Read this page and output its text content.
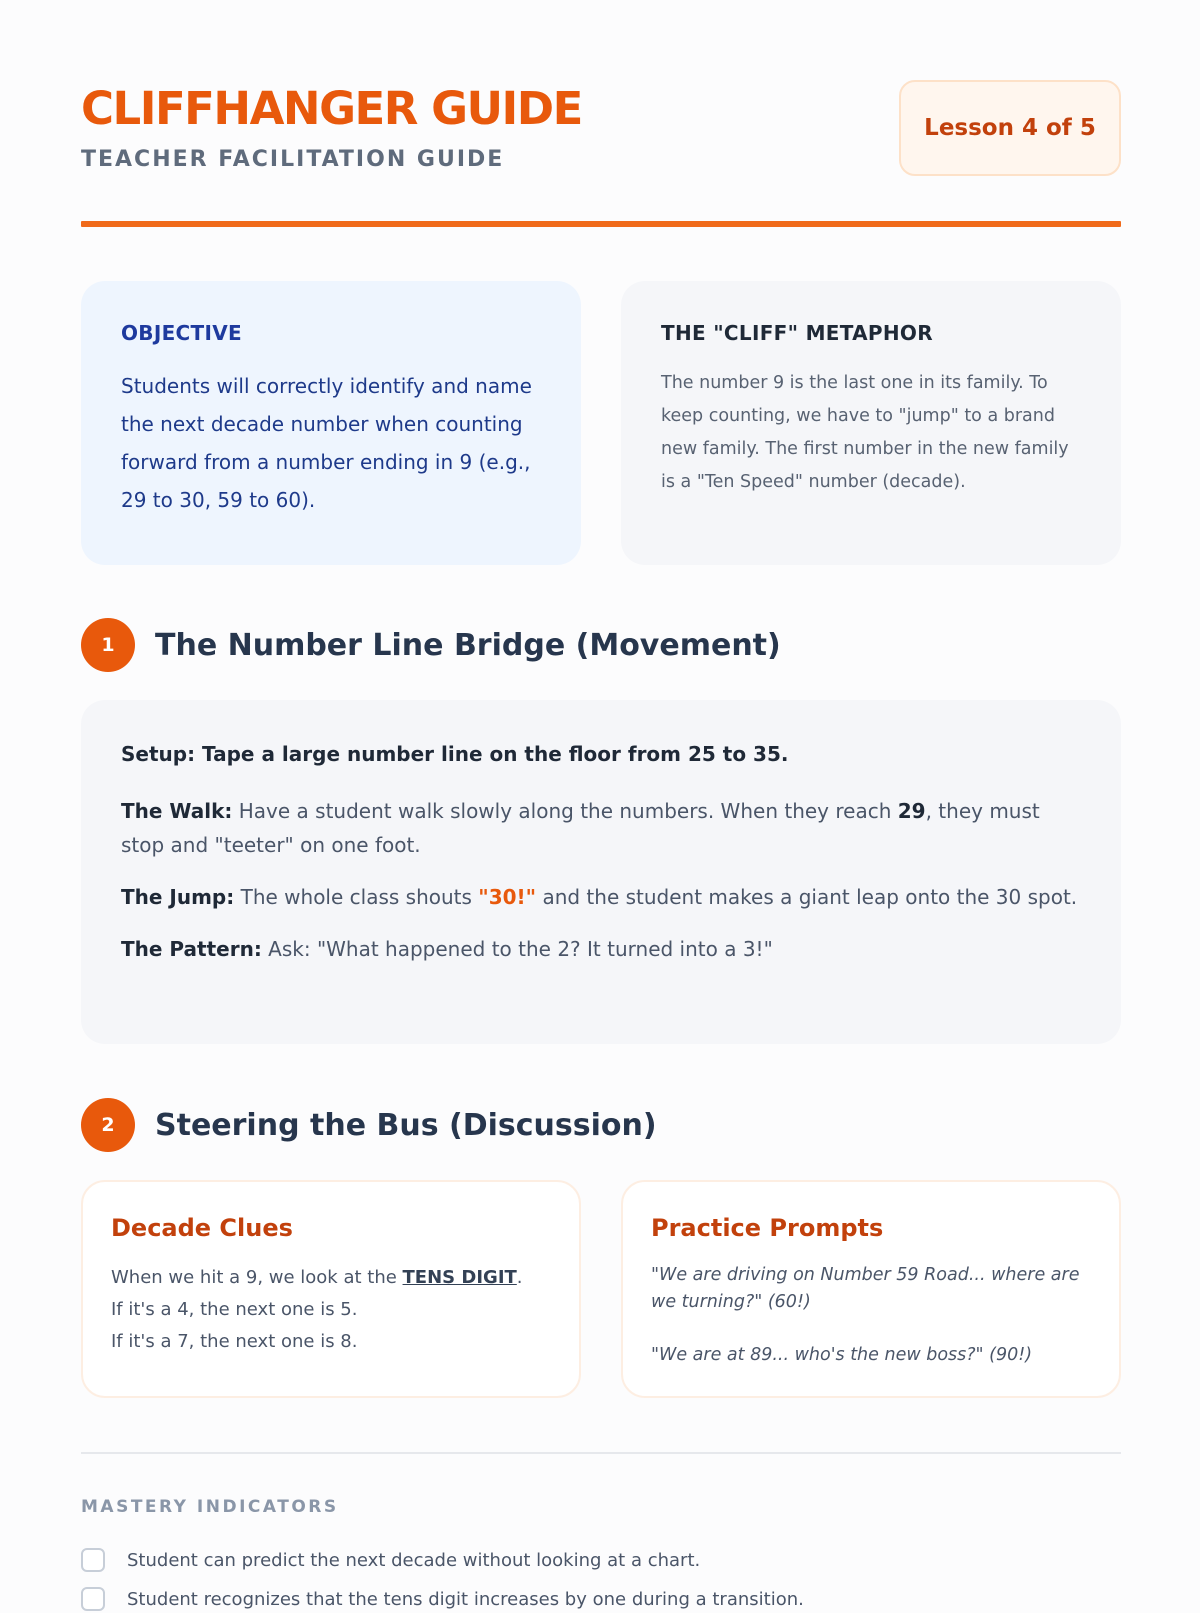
CLIFFHANGER GUIDE
TEACHER FACILITATION GUIDE
Lesson 4 of 5
OBJECTIVE
Students will correctly identify and name the next decade number when counting forward from a number ending in 9 (e.g., 29 to 30, 59 to 60).
THE "CLIFF" METAPHOR
The number 9 is the last one in its family. To keep counting, we have to "jump" to a brand new family. The first number in the new family is a "Ten Speed" number (decade).
1	The Number Line Bridge (Movement)
Setup: Tape a large number line on the floor from 25 to 35.
The Walk: Have a student walk slowly along the numbers. When they reach 29, they must stop and "teeter" on one foot.
The Jump: The whole class shouts "30!" and the student makes a giant leap onto the 30 spot.
The Pattern: Ask: "What happened to the 2? It turned into a 3!"
2	Steering the Bus (Discussion)
Decade Clues
When we hit a 9, we look at the TENS DIGIT.
If it's a 4, the next one is 5.
If it's a 7, the next one is 8.
Practice Prompts
"We are driving on Number 59 Road... where are we turning?" (60!)
"We are at 89... who's the new boss?" (90!)
MASTERY INDICATORS
Student can predict the next decade without looking at a chart.
Student recognizes that the tens digit increases by one during a transition.
